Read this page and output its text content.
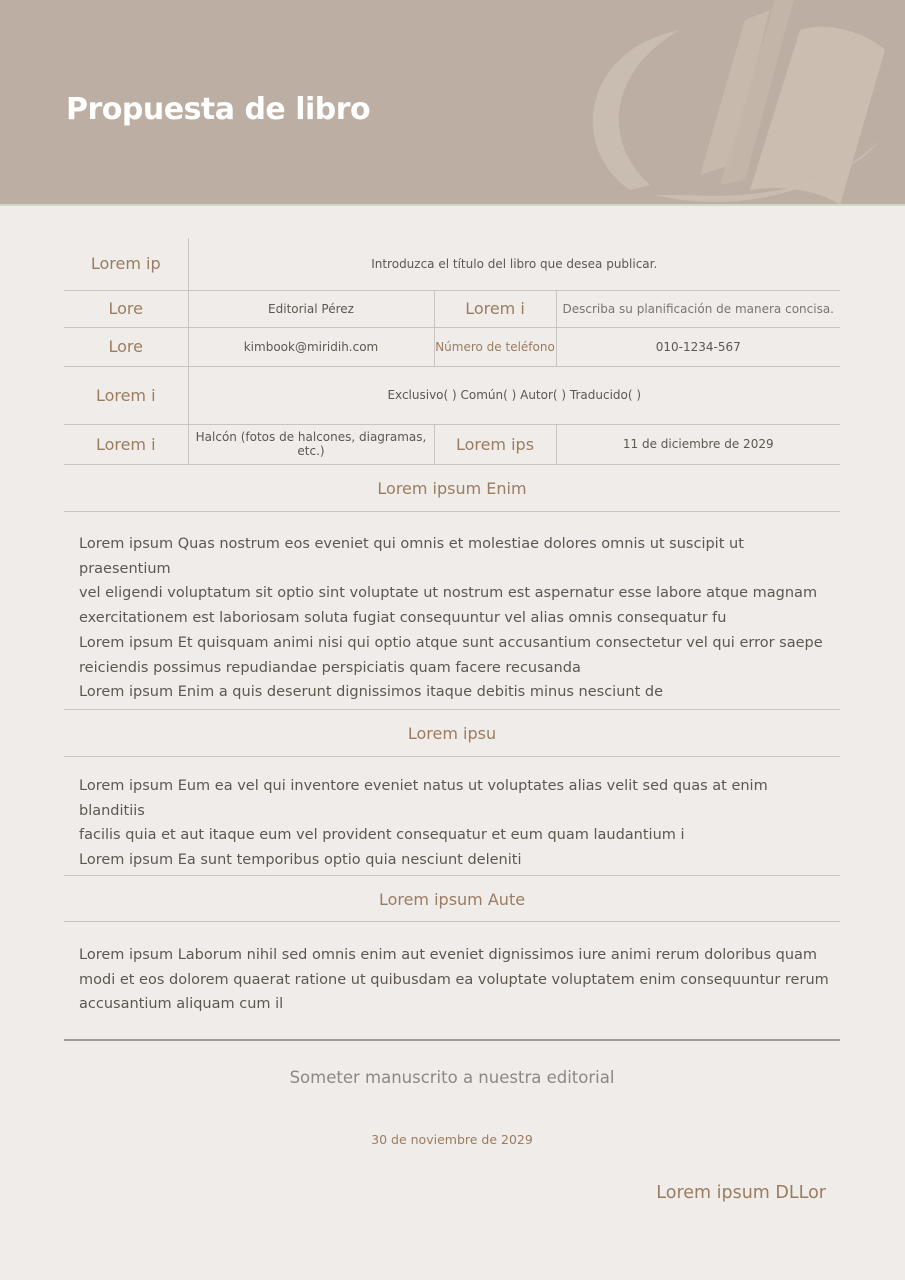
Propuesta de libro
Lorem ip	Introduzca el título del libro que desea publicar.		
Lore	Editorial Pérez	Lorem i	Describa su planificación de manera concisa.
Lore	kimbook@miridih.com	Número de teléfono	010-1234-567
Lorem i	Exclusivo( ) Común( ) Autor( ) Traducido( )		
Lorem i	Halcón (fotos de halcones, diagramas, etc.)	Lorem ips	11 de diciembre de 2029
Lorem ipsum Enim

Lorem ipsum Quas nostrum eos eveniet qui omnis et molestiae dolores omnis ut suscipit ut praesentium
vel eligendi voluptatum sit optio sint voluptate ut nostrum est aspernatur esse labore atque magnam
exercitationem est laboriosam soluta fugiat consequuntur vel alias omnis consequatur fu
Lorem ipsum Et quisquam animi nisi qui optio atque sunt accusantium consectetur vel qui error saepe
reiciendis possimus repudiandae perspiciatis quam facere recusanda
Lorem ipsum Enim a quis deserunt dignissimos itaque debitis minus nesciunt de

Lorem ipsu

Lorem ipsum Eum ea vel qui inventore eveniet natus ut voluptates alias velit sed quas at enim blanditiis
facilis quia et aut itaque eum vel provident consequatur et eum quam laudantium i
Lorem ipsum Ea sunt temporibus optio quia nesciunt deleniti

Lorem ipsum Aute

Lorem ipsum Laborum nihil sed omnis enim aut eveniet dignissimos iure animi rerum doloribus quam
modi et eos dolorem quaerat ratione ut quibusdam ea voluptate voluptatem enim consequuntur rerum
accusantium aliquam cum il

Someter manuscrito a nuestra editorial
30 de noviembre de 2029
Lorem ipsum DLLor
